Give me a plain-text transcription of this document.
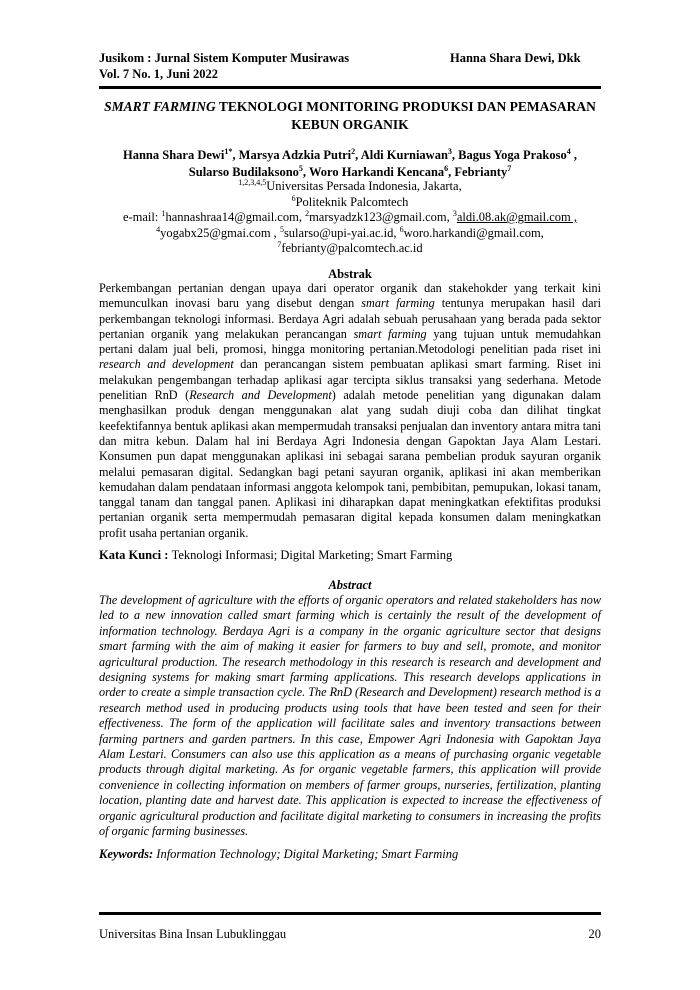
Jusikom : Jurnal Sistem Komputer Musirawas
Vol. 7 No. 1, Juni 2022
Hanna Shara Dewi, Dkk
SMART FARMING TEKNOLOGI MONITORING PRODUKSI DAN PEMASARAN KEBUN ORGANIK
Hanna Shara Dewi$^{1*}$, Marsya Adzkia Putri$^2$, Aldi Kurniawan$^3$, Bagus Yoga Prakoso$^4$ ,
Sularso Budilaksono$^5$, Woro Harkandi Kencana$^6$, Febrianty$^7$
$^{1,2,3,4,5}$Universitas Persada Indonesia, Jakarta,
$^6$Politeknik Palcomtech
e-mail: $^1$hannashraa14@gmail.com, $^2$marsyadzk123@gmail.com, $^3$aldi.08.ak@gmail.com ,
$^4$yogabx25@gmai.com , $^5$sularso@upi-yai.ac.id, $^6$woro.harkandi@gmail.com,
$^7$febrianty@palcomtech.ac.id
Abstrak
Perkembangan pertanian dengan upaya dari operator organik dan stakehokder yang terkait kini memunculkan inovasi baru yang disebut dengan smart farming tentunya merupakan hasil dari perkembangan teknologi informasi. Berdaya Agri adalah sebuah perusahaan yang berada pada sektor pertanian organik yang melakukan perancangan smart farming yang tujuan untuk memudahkan pertani dalam jual beli, promosi, hingga monitoring pertanian.Metodologi penelitian pada riset ini research and development dan perancangan sistem pembuatan aplikasi smart farming. Riset ini melakukan pengembangan terhadap aplikasi agar tercipta siklus transaksi yang sederhana. Metode penelitian RnD (Research and Development) adalah metode penelitian yang digunakan dalam menghasilkan produk dengan menggunakan alat yang sudah diuji coba dan dilihat tingkat keefektifannya bentuk aplikasi akan mempermudah transaksi penjualan dan inventory antara mitra tani dan mitra kebun. Dalam hal ini Berdaya Agri Indonesia dengan Gapoktan Jaya Alam Lestari. Konsumen pun dapat menggunakan aplikasi ini sebagai sarana pembelian produk sayuran organik melalui pemasaran digital. Sedangkan bagi petani sayuran organik, aplikasi ini akan memberikan kemudahan dalam pendataan informasi anggota kelompok tani, pembibitan, pemupukan, lokasi tanam, tanggal tanam dan tanggal panen. Aplikasi ini diharapkan dapat meningkatkan efektifitas produksi pertanian organik serta mempermudah pemasaran digital kepada konsumen dalam meningkatkan profit usaha pertanian organik.
Kata Kunci : Teknologi Informasi; Digital Marketing; Smart Farming
Abstract
The development of agriculture with the efforts of organic operators and related stakeholders has now led to a new innovation called smart farming which is certainly the result of the development of information technology. Berdaya Agri is a company in the organic agriculture sector that designs smart farming with the aim of making it easier for farmers to buy and sell, promote, and monitor agricultural production. The research methodology in this research is research and development and designing systems for making smart farming applications. This research develops applications in order to create a simple transaction cycle. The RnD (Research and Development) research method is a research method used in producing products using tools that have been tested and seen for their effectiveness. The form of the application will facilitate sales and inventory transactions between farming partners and garden partners. In this case, Empower Agri Indonesia with Gapoktan Jaya Alam Lestari. Consumers can also use this application as a means of purchasing organic vegetable products through digital marketing. As for organic vegetable farmers, this application will provide convenience in collecting information on members of farmer groups, nurseries, fertilization, planting location, planting date and harvest date. This application is expected to increase the effectiveness of organic agricultural production and facilitate digital marketing to consumers in increasing the profits of organic farming businesses.
Keywords: Information Technology; Digital Marketing; Smart Farming
Universitas Bina Insan Lubuklinggau	20
